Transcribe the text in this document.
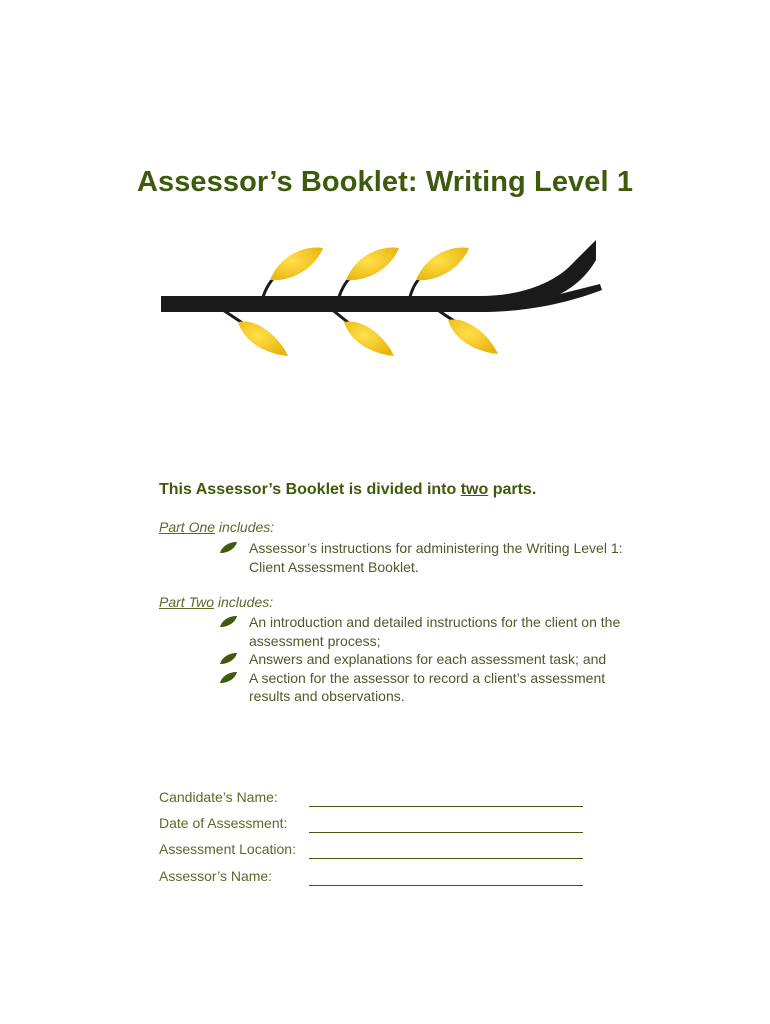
Assessor’s Booklet: Writing Level 1

This Assessor’s Booklet is divided into two parts.

Part One includes:

Assessor’s instructions for administering the Writing Level 1: Client Assessment Booklet.

Part Two includes:

An introduction and detailed instructions for the client on the assessment process;
Answers and explanations for each assessment task; and
A section for the assessor to record a client’s assessment results and observations.
Candidate’s Name:
Date of Assessment:
Assessment Location:
Assessor’s Name:
